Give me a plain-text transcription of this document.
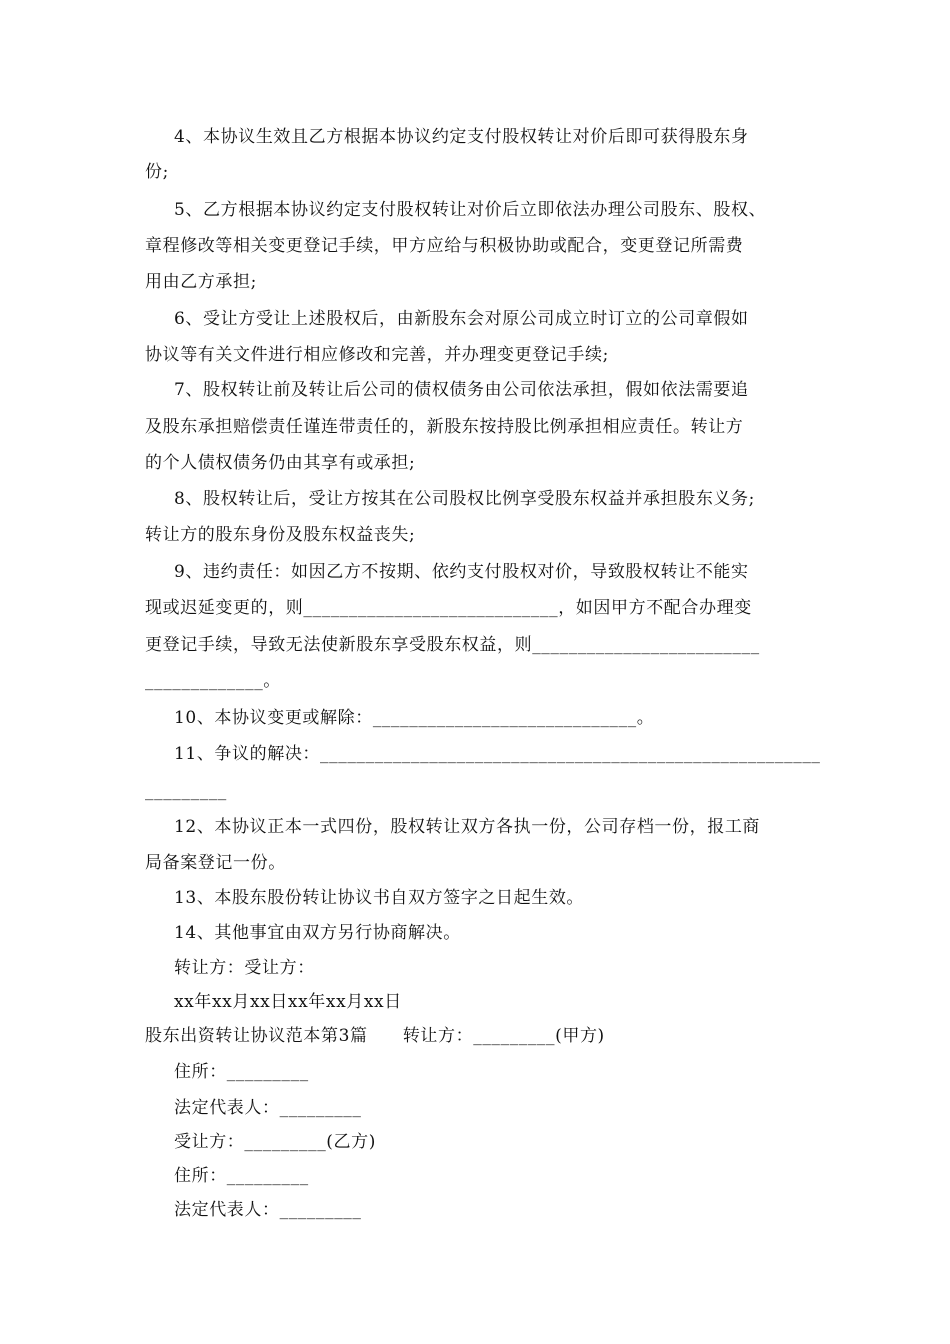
4、本协议生效且乙方根据本协议约定支付股权转让对价后即可获得股东身
份;
5、乙方根据本协议约定支付股权转让对价后立即依法办理公司股东、股权、
章程修改等相关变更登记手续，甲方应给与积极协助或配合，变更登记所需费
用由乙方承担;
6、受让方受让上述股权后，由新股东会对原公司成立时订立的公司章假如
协议等有关文件进行相应修改和完善，并办理变更登记手续;
7、股权转让前及转让后公司的债权债务由公司依法承担，假如依法需要追
及股东承担赔偿责任谨连带责任的，新股东按持股比例承担相应责任。转让方
的个人债权债务仍由其享有或承担;
8、股权转让后，受让方按其在公司股权比例享受股东权益并承担股东义务;
转让方的股东身份及股东权益丧失;
9、违约责任：如因乙方不按期、依约支付股权对价，导致股权转让不能实
现或迟延变更的，则____________________________，如因甲方不配合办理变
更登记手续，导致无法使新股东享受股东权益，则_________________________
_____________。
10、本协议变更或解除：_____________________________。
11、争议的解决：_______________________________________________________
_________
12、本协议正本一式四份，股权转让双方各执一份，公司存档一份，报工商
局备案登记一份。
13、本股东股份转让协议书自双方签字之日起生效。
14、其他事宜由双方另行协商解决。
转让方：受让方：
xx年xx月xx日xx年xx月xx日
股东出资转让协议范本第3篇　　转让方：_________(甲方)
住所：_________
法定代表人：_________
受让方：_________(乙方)
住所：_________
法定代表人：_________
